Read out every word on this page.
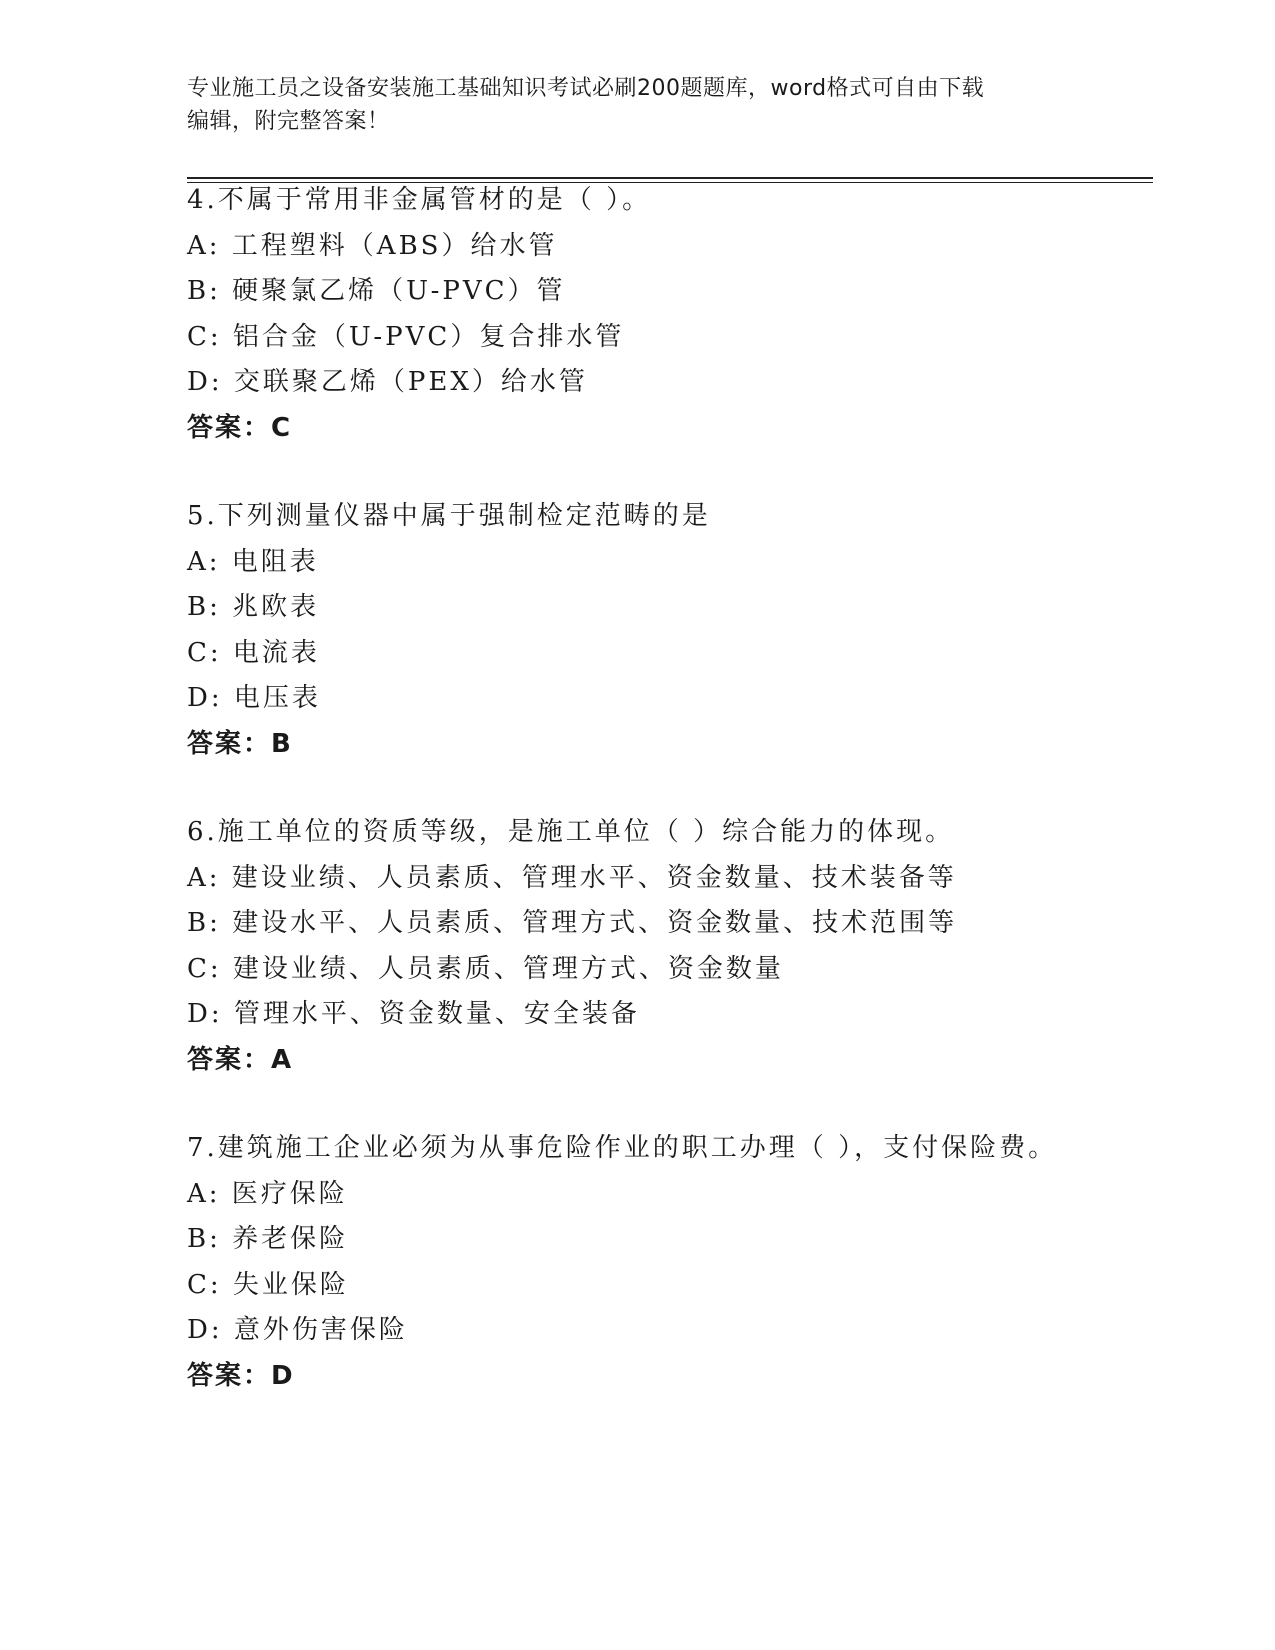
专业施工员之设备安装施工基础知识考试必刷200题题库，word格式可自由下载
编辑，附完整答案！
4.不属于常用非金属管材的是（ ）。
A: 工程塑料（ABS）给水管
B: 硬聚氯乙烯（U-PVC）管
C: 铝合金（U-PVC）复合排水管
D: 交联聚乙烯（PEX）给水管
答案：C
5.下列测量仪器中属于强制检定范畴的是
A: 电阻表
B: 兆欧表
C: 电流表
D: 电压表
答案：B
6.施工单位的资质等级，是施工单位（ ）综合能力的体现。
A: 建设业绩、人员素质、管理水平、资金数量、技术装备等
B: 建设水平、人员素质、管理方式、资金数量、技术范围等
C: 建设业绩、人员素质、管理方式、资金数量
D: 管理水平、资金数量、安全装备
答案：A
7.建筑施工企业必须为从事危险作业的职工办理（ ），支付保险费。
A: 医疗保险
B: 养老保险
C: 失业保险
D: 意外伤害保险
答案：D
